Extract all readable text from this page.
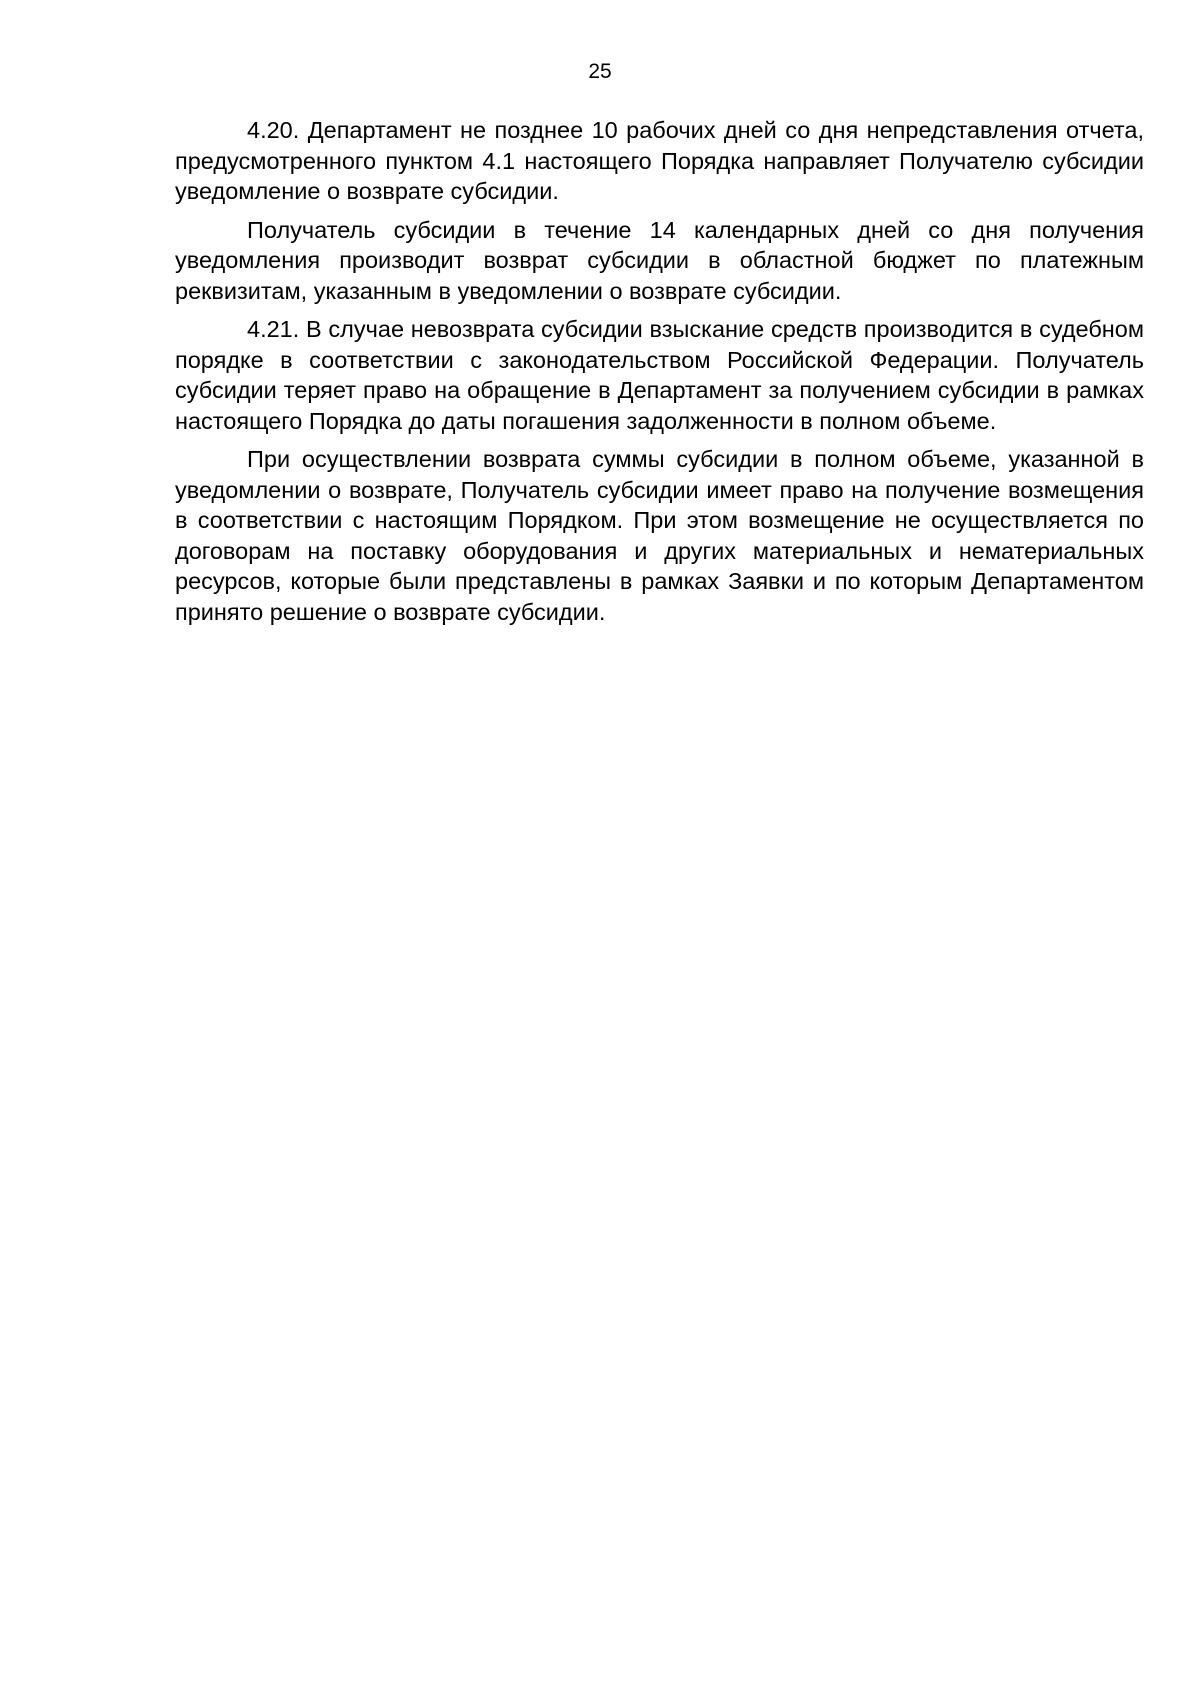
25

4.20. Департамент не позднее 10 рабочих дней со дня непредставления отчета, предусмотренного пунктом 4.1 настоящего Порядка направляет Получателю субсидии уведомление о возврате субсидии.

Получатель субсидии в течение 14 календарных дней со дня получения уведомления производит возврат субсидии в областной бюджет по платежным реквизитам, указанным в уведомлении о возврате субсидии.

4.21. В случае невозврата субсидии взыскание средств производится в судебном порядке в соответствии с законодательством Российской Федерации. Получатель субсидии теряет право на обращение в Департамент за получением субсидии в рамках настоящего Порядка до даты погашения задолженности в полном объеме.

При осуществлении возврата суммы субсидии в полном объеме, указанной в уведомлении о возврате, Получатель субсидии имеет право на получение возмещения в соответствии с настоящим Порядком. При этом возмещение не осуществляется по договорам на поставку оборудования и других материальных и нематериальных ресурсов, которые были представлены в рамках Заявки и по которым Департаментом принято решение о возврате субсидии.
